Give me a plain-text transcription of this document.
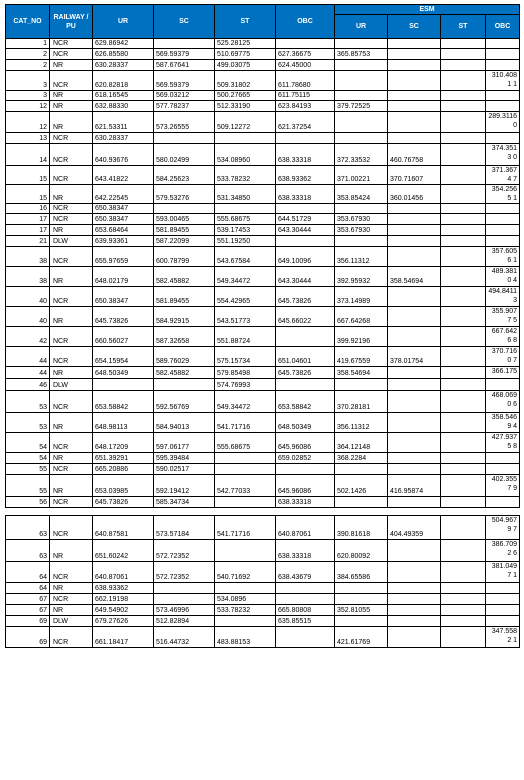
CAT_NO	RAILWAY / PU	UR	SC	ST	OBC	ESM			
						UR	SC	ST	OBC
1	NCR	629.86942		525.28125					
2	NCR	626.85580	569.59379	510.69775	627.36675	365.85753			
2	NR	630.28337	587.67641	499.03075	624.45000				
3	NCR	620.82818	569.59379	509.31802	611.78680				310.4081 1
3	NR	618.16545	569.03212	500.27665	611.75115				
12	NR	632.88330	577.78237	512.33190	623.84193	379.72525			
12	NR	621.53311	573.26555	509.12272	621.37254				289.3116 0
13	NCR	630.28337							
14	NCR	640.93676	580.02499	534.08960	638.33318	372.33532	460.76758		374.3513 0
15	NCR	643.41822	584.25623	533.78232	638.93362	371.00221	370.71607		371.3674 7
15	NR	642.22545	579.53276	531.34850	638.33318	353.85424	360.01456		354.2565 1
16	NCR	650.38347							
17	NCR	650.38347	593.00465	555.68675	644.51729	353.67930			
17	NR	653.68464	581.89455	539.17453	643.30444	353.67930			
21	DLW	639.93361	587.22099	551.19250					
38	NCR	655.97659	600.78799	543.67584	649.10096	356.11312			357.6056 1
38	NR	648.02179	582.45882	549.34472	643.30444	392.95932	358.54694		489.3810 4
40	NCR	650.38347	581.89455	554.42965	645.73826	373.14989			494.8411 3
40	NR	645.73826	584.92915	543.51773	645.66022	667.64268			355.9077 5
42	NCR	660.56027	587.32658	551.88724		399.92196			667.6426 8
44	NCR	654.15954	589.76029	575.15734	651.04601	419.67559	378.01754		370.7160 7
44	NR	648.50349	582.45882	579.85498	645.73826	358.54694			366.175
46	DLW			574.76993					
53	NCR	653.58842	592.56769	549.34472	653.58842	370.28181			468.0690 6
53	NR	648.98113	584.94013	541.71716	648.50349	356.11312			358.5469 4
54	NCR	648.17209	597.06177	555.68675	645.96086	364.12148			427.9375 8
54	NR	651.39291	595.39484		659.02852	368.2284			
55	NCR	665.20886	590.02517						
55	NR	653.03985	592.19412	542.77033	645.96086	502.1426	416.95874		402.3557 9
56	NCR	645.73826	585.34734		638.33318				

63	NCR	640.87581	573.57184	541.71716	640.87061	390.81618	404.49359		504.9679 7
63	NR	651.60242	572.72352		638.33318	620.80092			386.7092 6
64	NCR	640.87061	572.72352	540.71692	638.43679	384.65586			381.0497 1
64	NR	638.93362							
67	NCR	662.19198		534.0896					
67	NR	649.54902	573.46996	533.78232	665.80808	352.81055			
69	DLW	679.27626	512.82894		635.85515				
69	NCR	661.18417	516.44732	483.88153		421.61769			347.5582 1
